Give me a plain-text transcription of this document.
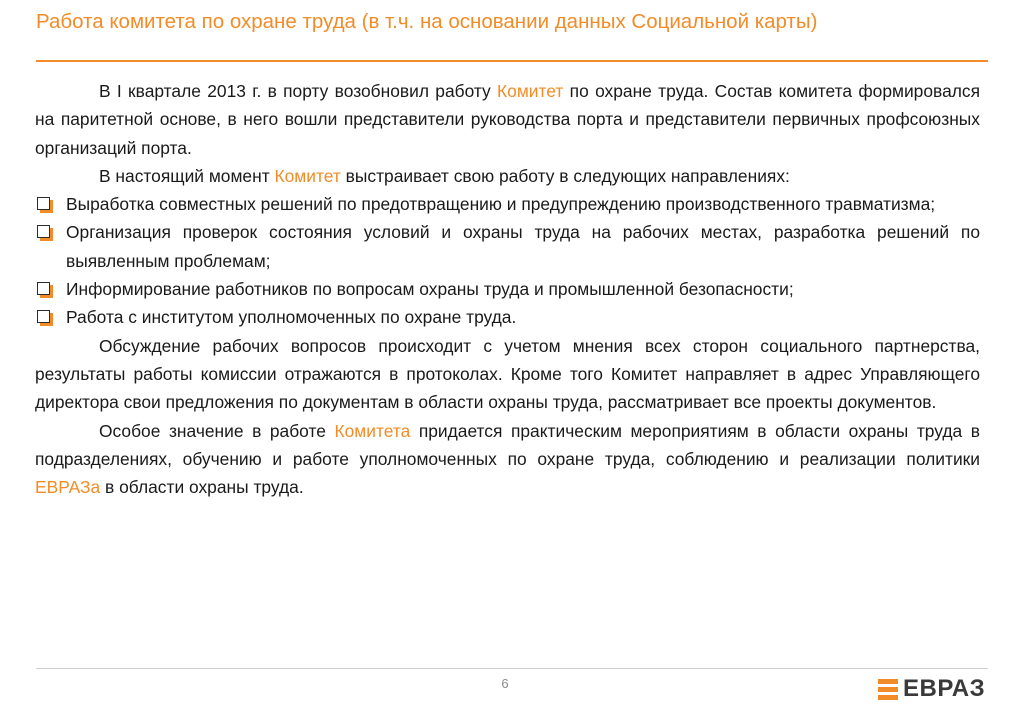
Работа комитета по охране труда (в т.ч. на основании данных Социальной карты)

В I квартале 2013 г. в порту возобновил работу Комитет по охране труда. Состав комитета формировался на паритетной основе, в него вошли представители руководства порта и представители первичных профсоюзных организаций порта.

В настоящий момент Комитет выстраивает свою работу в следующих направлениях:

Выработка совместных решений по предотвращению и предупреждению производственного травматизма;
Организация проверок состояния условий и охраны труда на рабочих местах, разработка решений по выявленным проблемам;
Информирование работников по вопросам охраны труда и промышленной безопасности;
Работа с институтом уполномоченных по охране труда.

Обсуждение рабочих вопросов происходит с учетом мнения всех сторон социального партнерства, результаты работы комиссии отражаются в протоколах. Кроме того Комитет направляет в адрес Управляющего директора свои предложения по документам в области охраны труда, рассматривает все проекты документов.

Особое значение в работе Комитета придается практическим мероприятиям в области охраны труда в подразделениях, обучению и работе уполномоченных по охране труда, соблюдению и реализации политики ЕВРАЗа в области охраны труда.

6	ЕВРАЗ
